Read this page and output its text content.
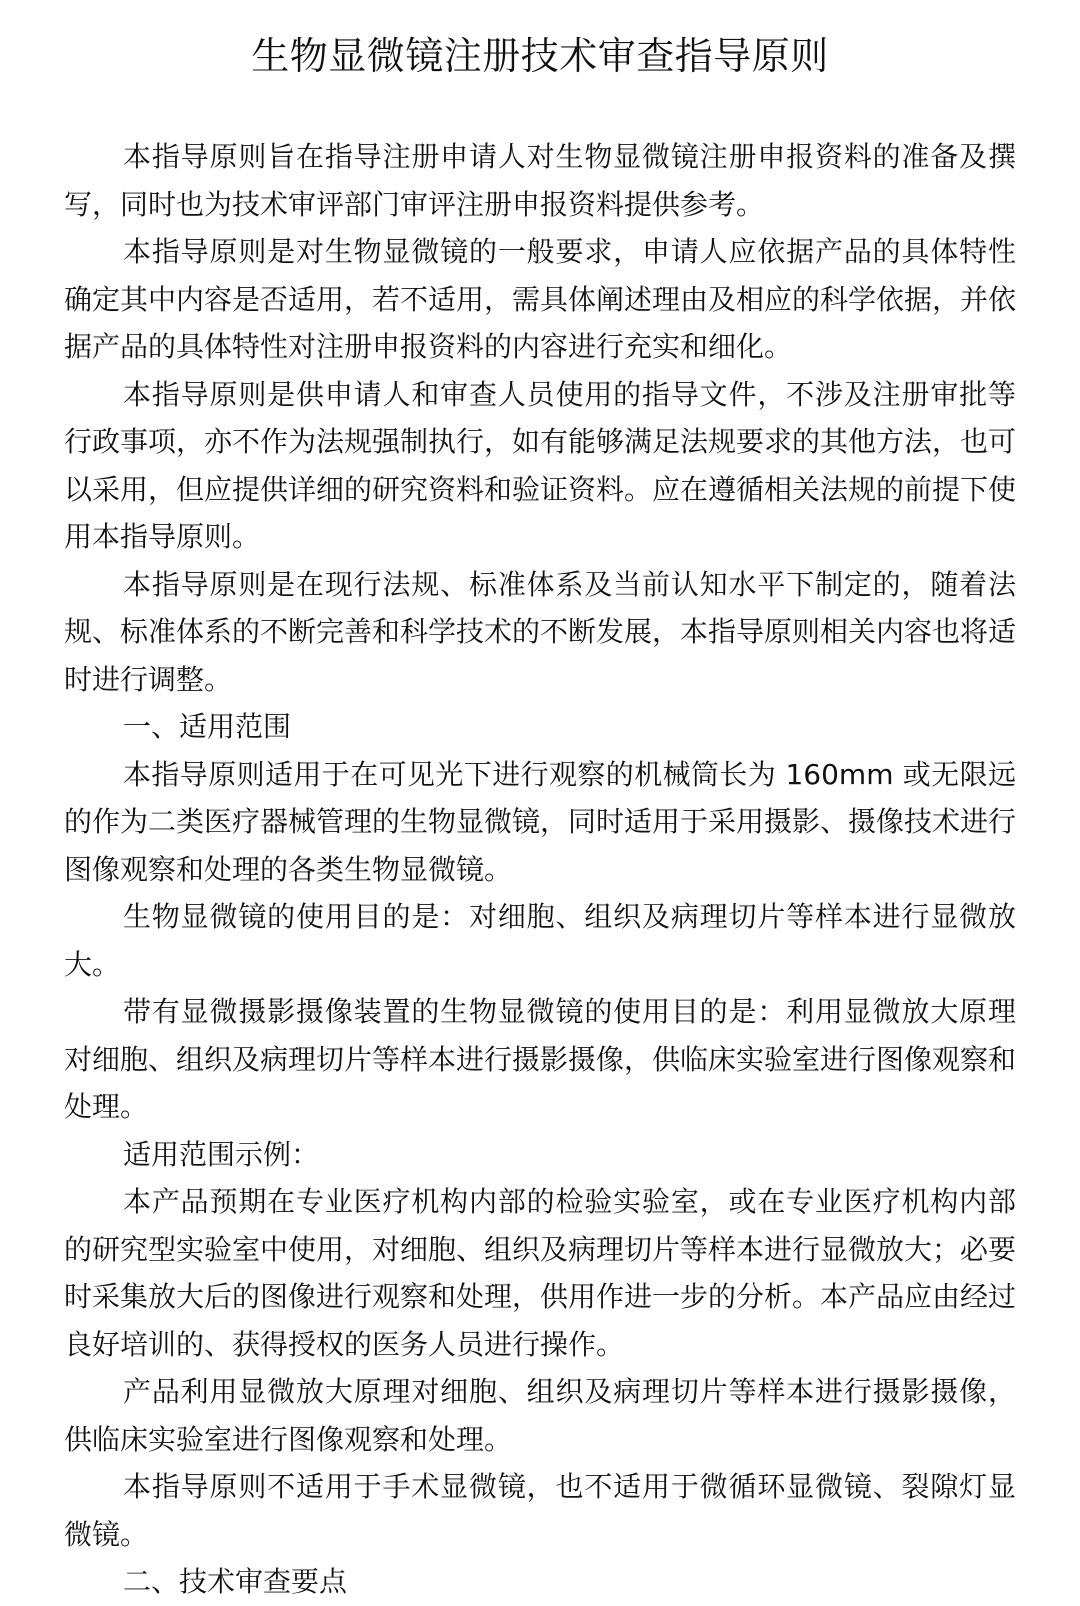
生物显微镜注册技术审查指导原则

本指导原则旨在指导注册申请人对生物显微镜注册申报资料的准备及撰写，同时也为技术审评部门审评注册申报资料提供参考。

本指导原则是对生物显微镜的一般要求，申请人应依据产品的具体特性确定其中内容是否适用，若不适用，需具体阐述理由及相应的科学依据，并依据产品的具体特性对注册申报资料的内容进行充实和细化。

本指导原则是供申请人和审查人员使用的指导文件，不涉及注册审批等行政事项，亦不作为法规强制执行，如有能够满足法规要求的其他方法，也可以采用，但应提供详细的研究资料和验证资料。应在遵循相关法规的前提下使用本指导原则。

本指导原则是在现行法规、标准体系及当前认知水平下制定的，随着法规、标准体系的不断完善和科学技术的不断发展，本指导原则相关内容也将适时进行调整。

一、适用范围

本指导原则适用于在可见光下进行观察的机械筒长为 160mm 或无限远的作为二类医疗器械管理的生物显微镜，同时适用于采用摄影、摄像技术进行图像观察和处理的各类生物显微镜。

生物显微镜的使用目的是：对细胞、组织及病理切片等样本进行显微放大。

带有显微摄影摄像装置的生物显微镜的使用目的是：利用显微放大原理对细胞、组织及病理切片等样本进行摄影摄像，供临床实验室进行图像观察和处理。

适用范围示例：

本产品预期在专业医疗机构内部的检验实验室，或在专业医疗机构内部的研究型实验室中使用，对细胞、组织及病理切片等样本进行显微放大；必要时采集放大后的图像进行观察和处理，供用作进一步的分析。本产品应由经过良好培训的、获得授权的医务人员进行操作。

产品利用显微放大原理对细胞、组织及病理切片等样本进行摄影摄像，供临床实验室进行图像观察和处理。

本指导原则不适用于手术显微镜，也不适用于微循环显微镜、裂隙灯显微镜。

二、技术审查要点
